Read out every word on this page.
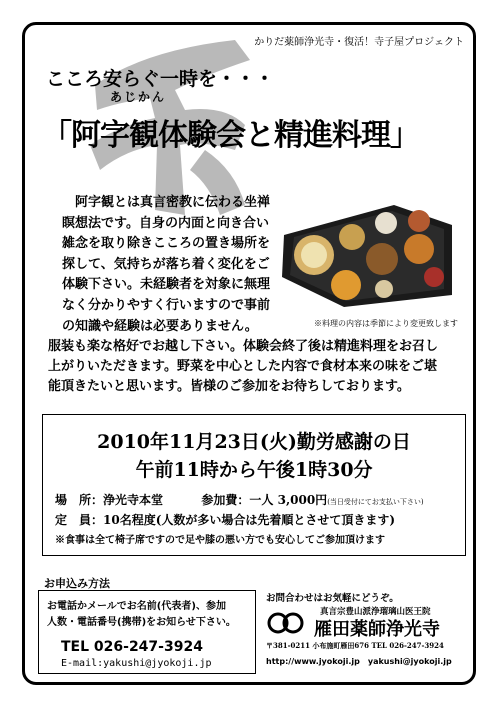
かりだ薬師浄光寺・復活！寺子屋プロジェクト
こころ安らぐ一時を・・・
あじかん
「阿字観体験会と精進料理」
阿字観とは真言密教に伝わる坐禅瞑想法です。自身の内面と向き合い雑念を取り除きこころの置き場所を探して、気持ちが落ち着く変化をご体験下さい。未経験者を対象に無理なく分かりやすく行いますので事前
※料理の内容は季節により変更致します
の知識や経験は必要ありません。
服装も楽な格好でお越し下さい。体験会終了後は精進料理をお召し
上がりいただきます。野菜を中心とした内容で食材本来の味をご堪
能頂きたいと思います。皆様のご参加をお待ちしております。
2010年11月23日(火)勤労感謝の日
午前11時から午後1時30分
場　所：浄光寺本堂	参加費：一人 3,000円(当日受付にてお支払い下さい)
定　員：10名程度(人数が多い場合は先着順とさせて頂きます)
※食事は全て椅子席ですので足や膝の悪い方でも安心してご参加頂けます
お申込み方法
お電話かメールでお名前(代表者)、参加
人数・電話番号(携帯)をお知らせ下さい。
TEL 026-247-3924
E-mail:yakushi@jyokoji.jp
お問合わせはお気軽にどうぞ。
真言宗豊山派浄瑠璃山医王院
雁田薬師浄光寺
〒381-0211 小布施町雁田676 TEL 026-247-3924
http://www.jyokoji.jp　yakushi@jyokoji.jp
